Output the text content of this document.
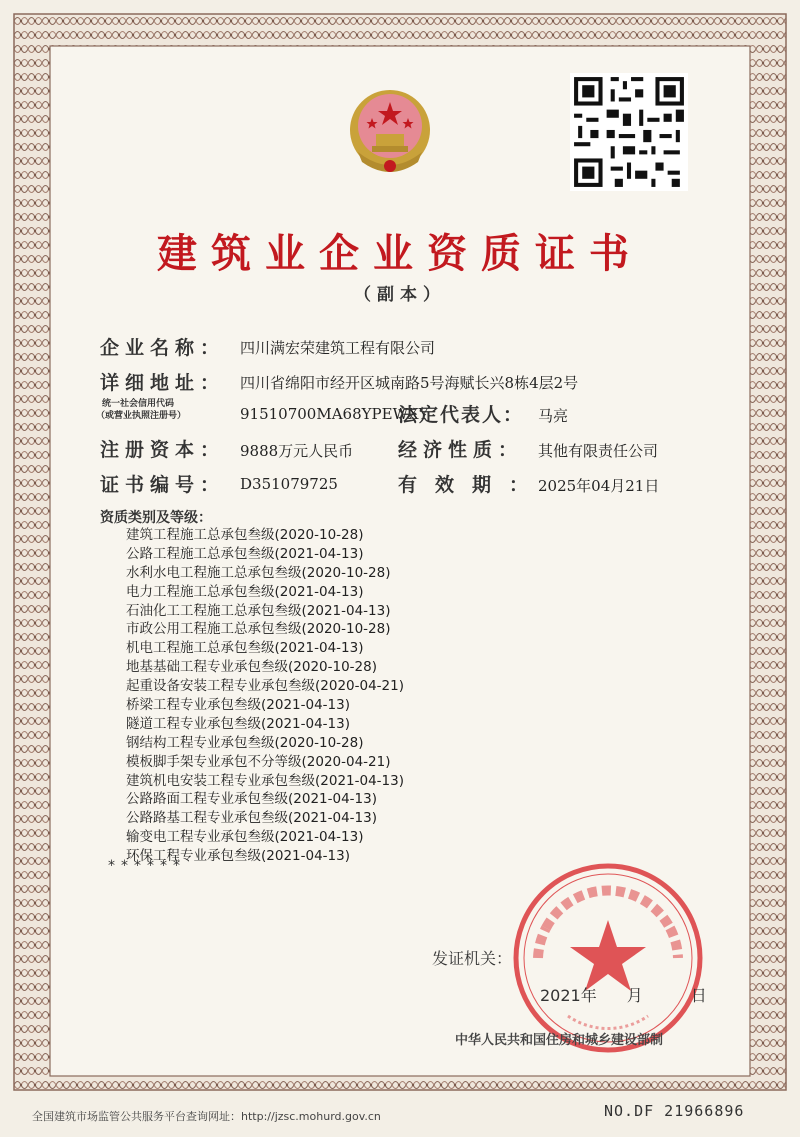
建筑业企业资质证书
（副本）
企业名称： 四川满宏荣建筑工程有限公司
详细地址： 四川省绵阳市经开区城南路5号海赋长兴8栋4层2号
统一社会信用代码
（或营业执照注册号）	91510700MA68YPEWXY
法定代表人： 马亮
注册资本： 9888万元人民币 经济性质： 其他有限责任公司
证书编号： D351079725	有效期：
2025年04月21日
资质类别及等级：
建筑工程施工总承包叁级(2020-10-28)
公路工程施工总承包叁级(2021-04-13)
水利水电工程施工总承包叁级(2020-10-28)
电力工程施工总承包叁级(2021-04-13)
石油化工工程施工总承包叁级(2021-04-13)
市政公用工程施工总承包叁级(2020-10-28)
机电工程施工总承包叁级(2021-04-13)
地基基础工程专业承包叁级(2020-10-28)
起重设备安装工程专业承包叁级(2020-04-21)
桥梁工程专业承包叁级(2021-04-13)
隧道工程专业承包叁级(2021-04-13)
钢结构工程专业承包叁级(2020-10-28)
模板脚手架专业承包不分等级(2020-04-21)
建筑机电安装工程专业承包叁级(2021-04-13)
公路路面工程专业承包叁级(2021-04-13)
公路路基工程专业承包叁级(2021-04-13)
输变电工程专业承包叁级(2021-04-13)
环保工程专业承包叁级(2021-04-13)
******
发证机关：
2021年 月	日
中华人民共和国住房和城乡建设部制
全国建筑市场监管公共服务平台查询网址：http://jzsc.mohurd.gov.cn	NO.DF 21966896
